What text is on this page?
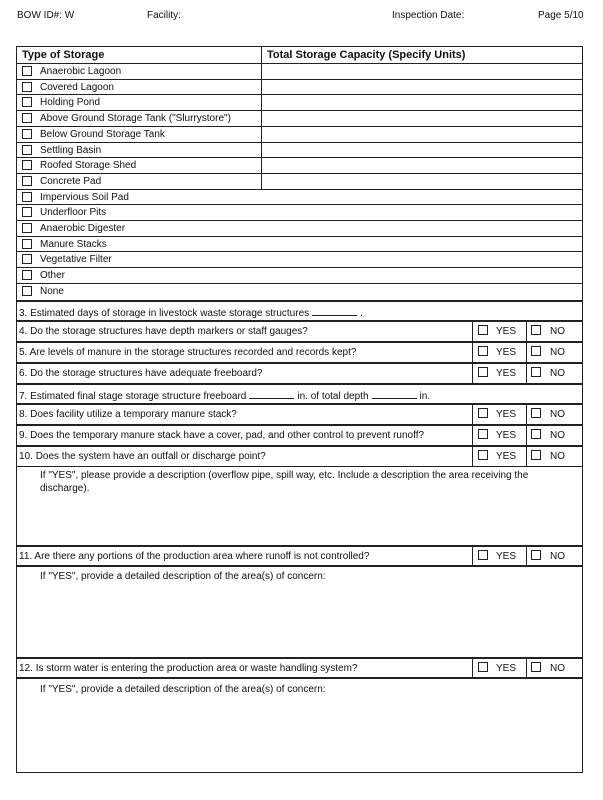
BOW ID#: W	Facility:	Inspection Date:	Page 5/10
Type of Storage	Total Storage Capacity (Specify Units)
Anaerobic Lagoon
Covered Lagoon
Holding Pond
Above Ground Storage Tank ("Slurrystore")
Below Ground Storage Tank
Settling Basin
Roofed Storage Shed
Concrete Pad
Impervious Soil Pad
Underfloor Pits
Anaerobic Digester
Manure Stacks
Vegetative Filter
Other
None
3. Estimated days of storage in livestock waste storage structures	.
4. Do the storage structures have depth markers or staff gauges?	YES	NO
5. Are levels of manure in the storage structures recorded and records kept?	YES	NO
6. Do the storage structures have adequate freeboard?	YES	NO
7. Estimated final stage storage structure freeboard	in. of total depth	in.
8. Does facility utilize a temporary manure stack?	YES	NO
9. Does the temporary manure stack have a cover, pad, and other control to prevent runoff?	YES	NO
10. Does the system have an outfall or discharge point?	YES	NO
If "YES", please provide a description (overflow pipe, spill way, etc. Include a description the area receiving the discharge).
11. Are there any portions of the production area where runoff is not controlled?	YES	NO
If "YES", provide a detailed description of the area(s) of concern:
12. Is storm water is entering the production area or waste handling system?	YES	NO
If "YES", provide a detailed description of the area(s) of concern:
